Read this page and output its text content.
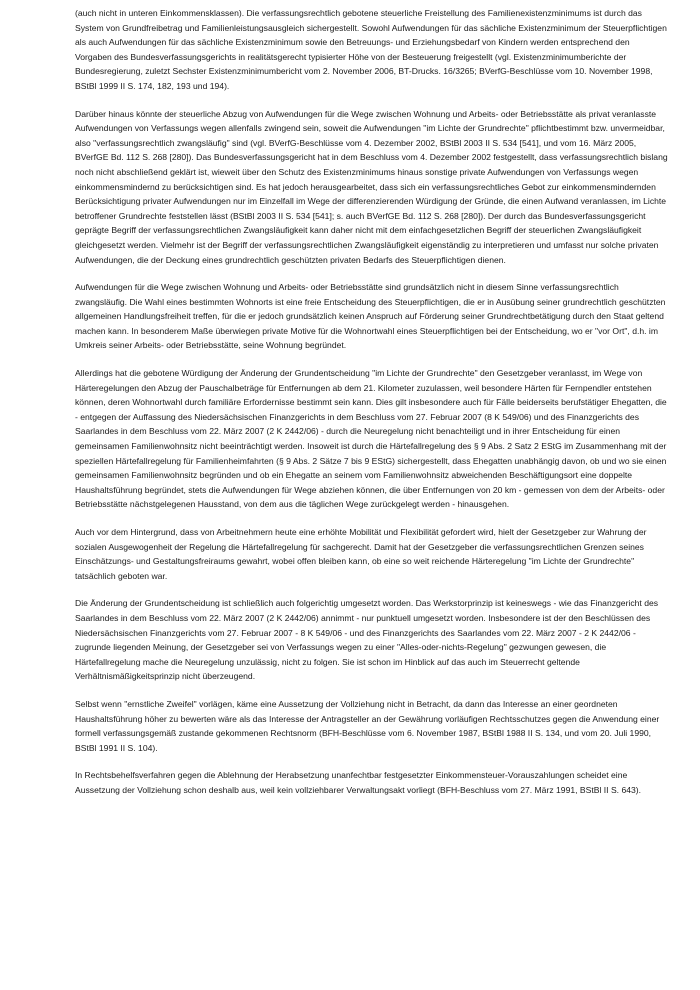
(auch nicht in unteren Einkommensklassen). Die verfassungsrechtlich gebotene steuerliche Freistellung des Familienexistenzminimums ist durch das System von Grundfreibetrag und Familienleistungsausgleich sichergestellt. Sowohl Aufwendungen für das sächliche Existenzminimum der Steuerpflichtigen als auch Aufwendungen für das sächliche Existenzminimum sowie den Betreuungs- und Erziehungsbedarf von Kindern werden entsprechend den Vorgaben des Bundesverfassungsgerichts in realitätsgerecht typisierter Höhe von der Besteuerung freigestellt (vgl. Existenzminimumberichte der Bundesregierung, zuletzt Sechster Existenzminimumbericht vom 2. November 2006, BT-Drucks. 16/3265; BVerfG-Beschlüsse vom 10. November 1998, BStBl 1999 II S. 174, 182, 193 und 194).

Darüber hinaus könnte der steuerliche Abzug von Aufwendungen für die Wege zwischen Wohnung und Arbeits- oder Betriebsstätte als privat veranlasste Aufwendungen von Verfassungs wegen allenfalls zwingend sein, soweit die Aufwendungen "im Lichte der Grundrechte" pflichtbestimmt bzw. unvermeidbar, also "verfassungsrechtlich zwangsläufig" sind (vgl. BVerfG-Beschlüsse vom 4. Dezember 2002, BStBl 2003 II S. 534 [541], und vom 16. März 2005, BVerfGE Bd. 112 S. 268 [280]). Das Bundesverfassungsgericht hat in dem Beschluss vom 4. Dezember 2002 festgestellt, dass verfassungsrechtlich bislang noch nicht abschließend geklärt ist, wieweit über den Schutz des Existenzminimums hinaus sonstige private Aufwendungen von Verfassungs wegen einkommensmindernd zu berücksichtigen sind. Es hat jedoch herausgearbeitet, dass sich ein verfassungsrechtliches Gebot zur einkommensmindernden Berücksichtigung privater Aufwendungen nur im Einzelfall im Wege der differenzierenden Würdigung der Gründe, die einen Aufwand veranlassen, im Lichte betroffener Grundrechte feststellen lässt (BStBl 2003 II S. 534 [541]; s. auch BVerfGE Bd. 112 S. 268 [280]). Der durch das Bundesverfassungsgericht geprägte Begriff der verfassungsrechtlichen Zwangsläufigkeit kann daher nicht mit dem einfachgesetzlichen Begriff der steuerlichen Zwangsläufigkeit gleichgesetzt werden. Vielmehr ist der Begriff der verfassungsrechtlichen Zwangsläufigkeit eigenständig zu interpretieren und umfasst nur solche privaten Aufwendungen, die der Deckung eines grundrechtlich geschützten privaten Bedarfs des Steuerpflichtigen dienen.

Aufwendungen für die Wege zwischen Wohnung und Arbeits- oder Betriebsstätte sind grundsätzlich nicht in diesem Sinne verfassungsrechtlich zwangsläufig. Die Wahl eines bestimmten Wohnorts ist eine freie Entscheidung des Steuerpflichtigen, die er in Ausübung seiner grundrechtlich geschützten allgemeinen Handlungsfreiheit treffen, für die er jedoch grundsätzlich keinen Anspruch auf Förderung seiner Grundrechtbetätigung durch den Staat geltend machen kann. In besonderem Maße überwiegen private Motive für die Wohnortwahl eines Steuerpflichtigen bei der Entscheidung, wo er "vor Ort", d.h. im Umkreis seiner Arbeits- oder Betriebsstätte, seine Wohnung begründet.

Allerdings hat die gebotene Würdigung der Änderung der Grundentscheidung "im Lichte der Grundrechte" den Gesetzgeber veranlasst, im Wege von Härteregelungen den Abzug der Pauschalbeträge für Entfernungen ab dem 21. Kilometer zuzulassen, weil besondere Härten für Fernpendler entstehen können, deren Wohnortwahl durch familiäre Erfordernisse bestimmt sein kann. Dies gilt insbesondere auch für Fälle beiderseits berufstätiger Ehegatten, die - entgegen der Auffassung des Niedersächsischen Finanzgerichts in dem Beschluss vom 27. Februar 2007 (8 K 549/06) und des Finanzgerichts des Saarlandes in dem Beschluss vom 22. März 2007 (2 K 2442/06) - durch die Neuregelung nicht benachteiligt und in ihrer Entscheidung für einen gemeinsamen Familienwohnsitz nicht beeinträchtigt werden. Insoweit ist durch die Härtefallregelung des § 9 Abs. 2 Satz 2 EStG im Zusammenhang mit der speziellen Härtefallregelung für Familienheimfahrten (§ 9 Abs. 2 Sätze 7 bis 9 EStG) sichergestellt, dass Ehegatten unabhängig davon, ob und wo sie einen gemeinsamen Familienwohnsitz begründen und ob ein Ehegatte an seinem vom Familienwohnsitz abweichenden Beschäftigungsort eine doppelte Haushaltsführung begründet, stets die Aufwendungen für Wege abziehen können, die über Entfernungen von 20 km - gemessen von dem der Arbeits- oder Betriebsstätte nächstgelegenen Hausstand, von dem aus die täglichen Wege zurückgelegt werden - hinausgehen.

Auch vor dem Hintergrund, dass von Arbeitnehmern heute eine erhöhte Mobilität und Flexibilität gefordert wird, hielt der Gesetzgeber zur Wahrung der sozialen Ausgewogenheit der Regelung die Härtefallregelung für sachgerecht. Damit hat der Gesetzgeber die verfassungsrechtlichen Grenzen seines Einschätzungs- und Gestaltungsfreiraums gewahrt, wobei offen bleiben kann, ob eine so weit reichende Härteregelung "im Lichte der Grundrechte" tatsächlich geboten war.

Die Änderung der Grundentscheidung ist schließlich auch folgerichtig umgesetzt worden. Das Werkstorprinzip ist keineswegs - wie das Finanzgericht des Saarlandes in dem Beschluss vom 22. März 2007 (2 K 2442/06) annimmt - nur punktuell umgesetzt worden. Insbesondere ist der den Beschlüssen des Niedersächsischen Finanzgerichts vom 27. Februar 2007 - 8 K 549/06 - und des Finanzgerichts des Saarlandes vom 22. März 2007 - 2 K 2442/06 - zugrunde liegenden Meinung, der Gesetzgeber sei von Verfassungs wegen zu einer "Alles-oder-nichts-Regelung" gezwungen gewesen, die Härtefallregelung mache die Neuregelung unzulässig, nicht zu folgen. Sie ist schon im Hinblick auf das auch im Steuerrecht geltende Verhältnismäßigkeitsprinzip nicht überzeugend.

Selbst wenn "ernstliche Zweifel" vorlägen, käme eine Aussetzung der Vollziehung nicht in Betracht, da dann das Interesse an einer geordneten Haushaltsführung höher zu bewerten wäre als das Interesse der Antragsteller an der Gewährung vorläufigen Rechtsschutzes gegen die Anwendung einer formell verfassungsgemäß zustande gekommenen Rechtsnorm (BFH-Beschlüsse vom 6. November 1987, BStBl 1988 II S. 134, und vom 20. Juli 1990, BStBl 1991 II S. 104).

In Rechtsbehelfsverfahren gegen die Ablehnung der Herabsetzung unanfechtbar festgesetzter Einkommensteuer-Vorauszahlungen scheidet eine Aussetzung der Vollziehung schon deshalb aus, weil kein vollziehbarer Verwaltungsakt vorliegt (BFH-Beschluss vom 27. März 1991, BStBl II S. 643).
